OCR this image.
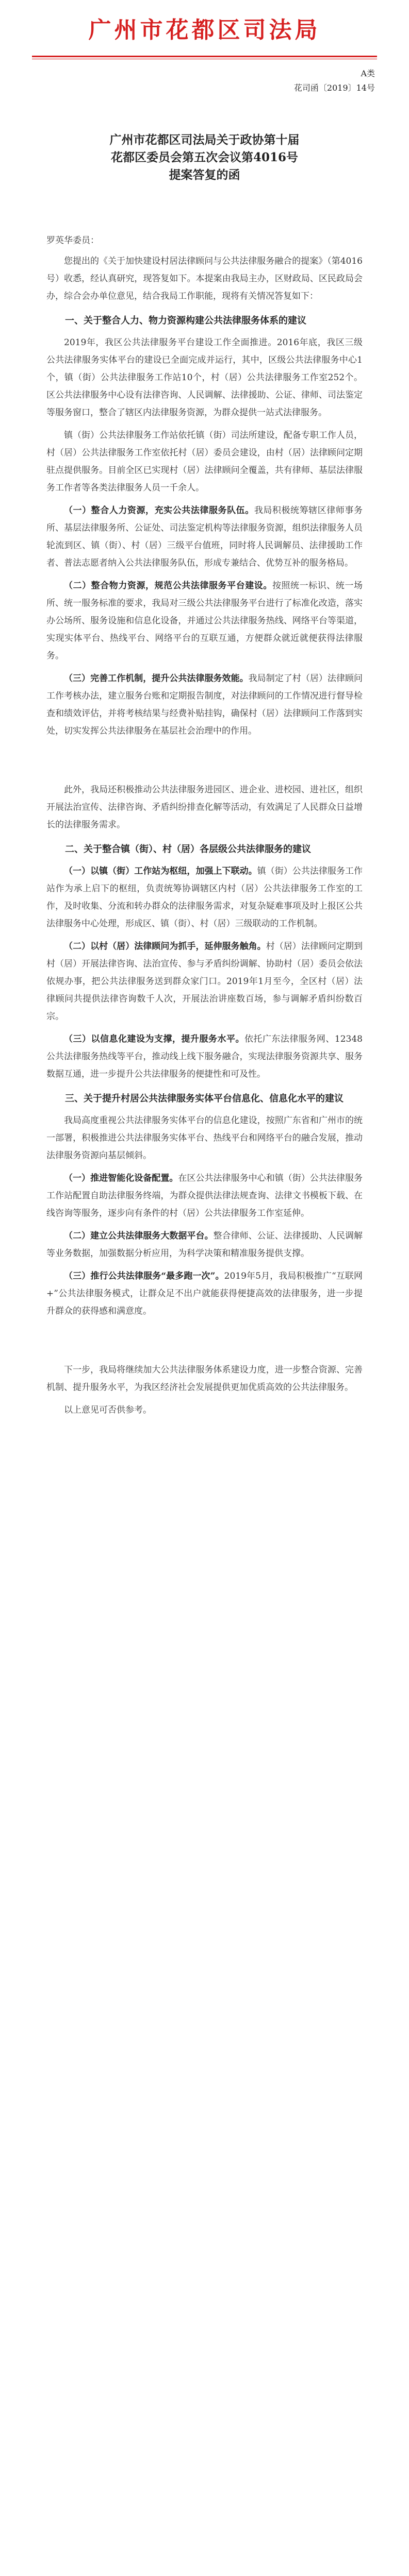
广州市花都区司法局
A类
花司函〔2019〕14号
广州市花都区司法局关于政协第十届
花都区委员会第五次会议第4016号
提案答复的函

罗英华委员：

您提出的《关于加快建设村居法律顾问与公共法律服务融合的提案》（第4016号）收悉，经认真研究，现答复如下。本提案由我局主办，区财政局、区民政局会办，综合会办单位意见，结合我局工作职能，现将有关情况答复如下：

一、关于整合人力、物力资源构建公共法律服务体系的建议

2019年，我区公共法律服务平台建设工作全面推进。2016年底，我区三级公共法律服务实体平台的建设已全面完成并运行，其中，区级公共法律服务中心1个，镇（街）公共法律服务工作站10个，村（居）公共法律服务工作室252个。区公共法律服务中心设有法律咨询、人民调解、法律援助、公证、律师、司法鉴定等服务窗口，整合了辖区内法律服务资源，为群众提供一站式法律服务。

镇（街）公共法律服务工作站依托镇（街）司法所建设，配备专职工作人员，村（居）公共法律服务工作室依托村（居）委员会建设，由村（居）法律顾问定期驻点提供服务。目前全区已实现村（居）法律顾问全覆盖，共有律师、基层法律服务工作者等各类法律服务人员一千余人。

（一）整合人力资源，充实公共法律服务队伍。我局积极统筹辖区律师事务所、基层法律服务所、公证处、司法鉴定机构等法律服务资源，组织法律服务人员轮流到区、镇（街）、村（居）三级平台值班，同时将人民调解员、法律援助工作者、普法志愿者纳入公共法律服务队伍，形成专兼结合、优势互补的服务格局。

（二）整合物力资源，规范公共法律服务平台建设。按照统一标识、统一场所、统一服务标准的要求，我局对三级公共法律服务平台进行了标准化改造，落实办公场所、服务设施和信息化设备，并通过公共法律服务热线、网络平台等渠道，实现实体平台、热线平台、网络平台的互联互通，方便群众就近就便获得法律服务。

（三）完善工作机制，提升公共法律服务效能。我局制定了村（居）法律顾问工作考核办法，建立服务台账和定期报告制度，对法律顾问的工作情况进行督导检查和绩效评估，并将考核结果与经费补贴挂钩，确保村（居）法律顾问工作落到实处，切实发挥公共法律服务在基层社会治理中的作用。

此外，我局还积极推动公共法律服务进园区、进企业、进校园、进社区，组织开展法治宣传、法律咨询、矛盾纠纷排查化解等活动，有效满足了人民群众日益增长的法律服务需求。

二、关于整合镇（街）、村（居）各层级公共法律服务的建议

（一）以镇（街）工作站为枢纽，加强上下联动。镇（街）公共法律服务工作站作为承上启下的枢纽，负责统筹协调辖区内村（居）公共法律服务工作室的工作，及时收集、分流和转办群众的法律服务需求，对复杂疑难事项及时上报区公共法律服务中心处理，形成区、镇（街）、村（居）三级联动的工作机制。

（二）以村（居）法律顾问为抓手，延伸服务触角。村（居）法律顾问定期到村（居）开展法律咨询、法治宣传、参与矛盾纠纷调解、协助村（居）委员会依法依规办事，把公共法律服务送到群众家门口。2019年1月至今，全区村（居）法律顾问共提供法律咨询数千人次，开展法治讲座数百场，参与调解矛盾纠纷数百宗。

（三）以信息化建设为支撑，提升服务水平。依托广东法律服务网、12348公共法律服务热线等平台，推动线上线下服务融合，实现法律服务资源共享、服务数据互通，进一步提升公共法律服务的便捷性和可及性。

三、关于提升村居公共法律服务实体平台信息化、信息化水平的建议

我局高度重视公共法律服务实体平台的信息化建设，按照广东省和广州市的统一部署，积极推进公共法律服务实体平台、热线平台和网络平台的融合发展，推动法律服务资源向基层倾斜。

（一）推进智能化设备配置。在区公共法律服务中心和镇（街）公共法律服务工作站配置自助法律服务终端，为群众提供法律法规查询、法律文书模板下载、在线咨询等服务，逐步向有条件的村（居）公共法律服务工作室延伸。

（二）建立公共法律服务大数据平台。整合律师、公证、法律援助、人民调解等业务数据，加强数据分析应用，为科学决策和精准服务提供支撑。

（三）推行公共法律服务“最多跑一次”。2019年5月，我局积极推广“互联网+”公共法律服务模式，让群众足不出户就能获得便捷高效的法律服务，进一步提升群众的获得感和满意度。

下一步，我局将继续加大公共法律服务体系建设力度，进一步整合资源、完善机制、提升服务水平，为我区经济社会发展提供更加优质高效的公共法律服务。

以上意见可否供参考。
